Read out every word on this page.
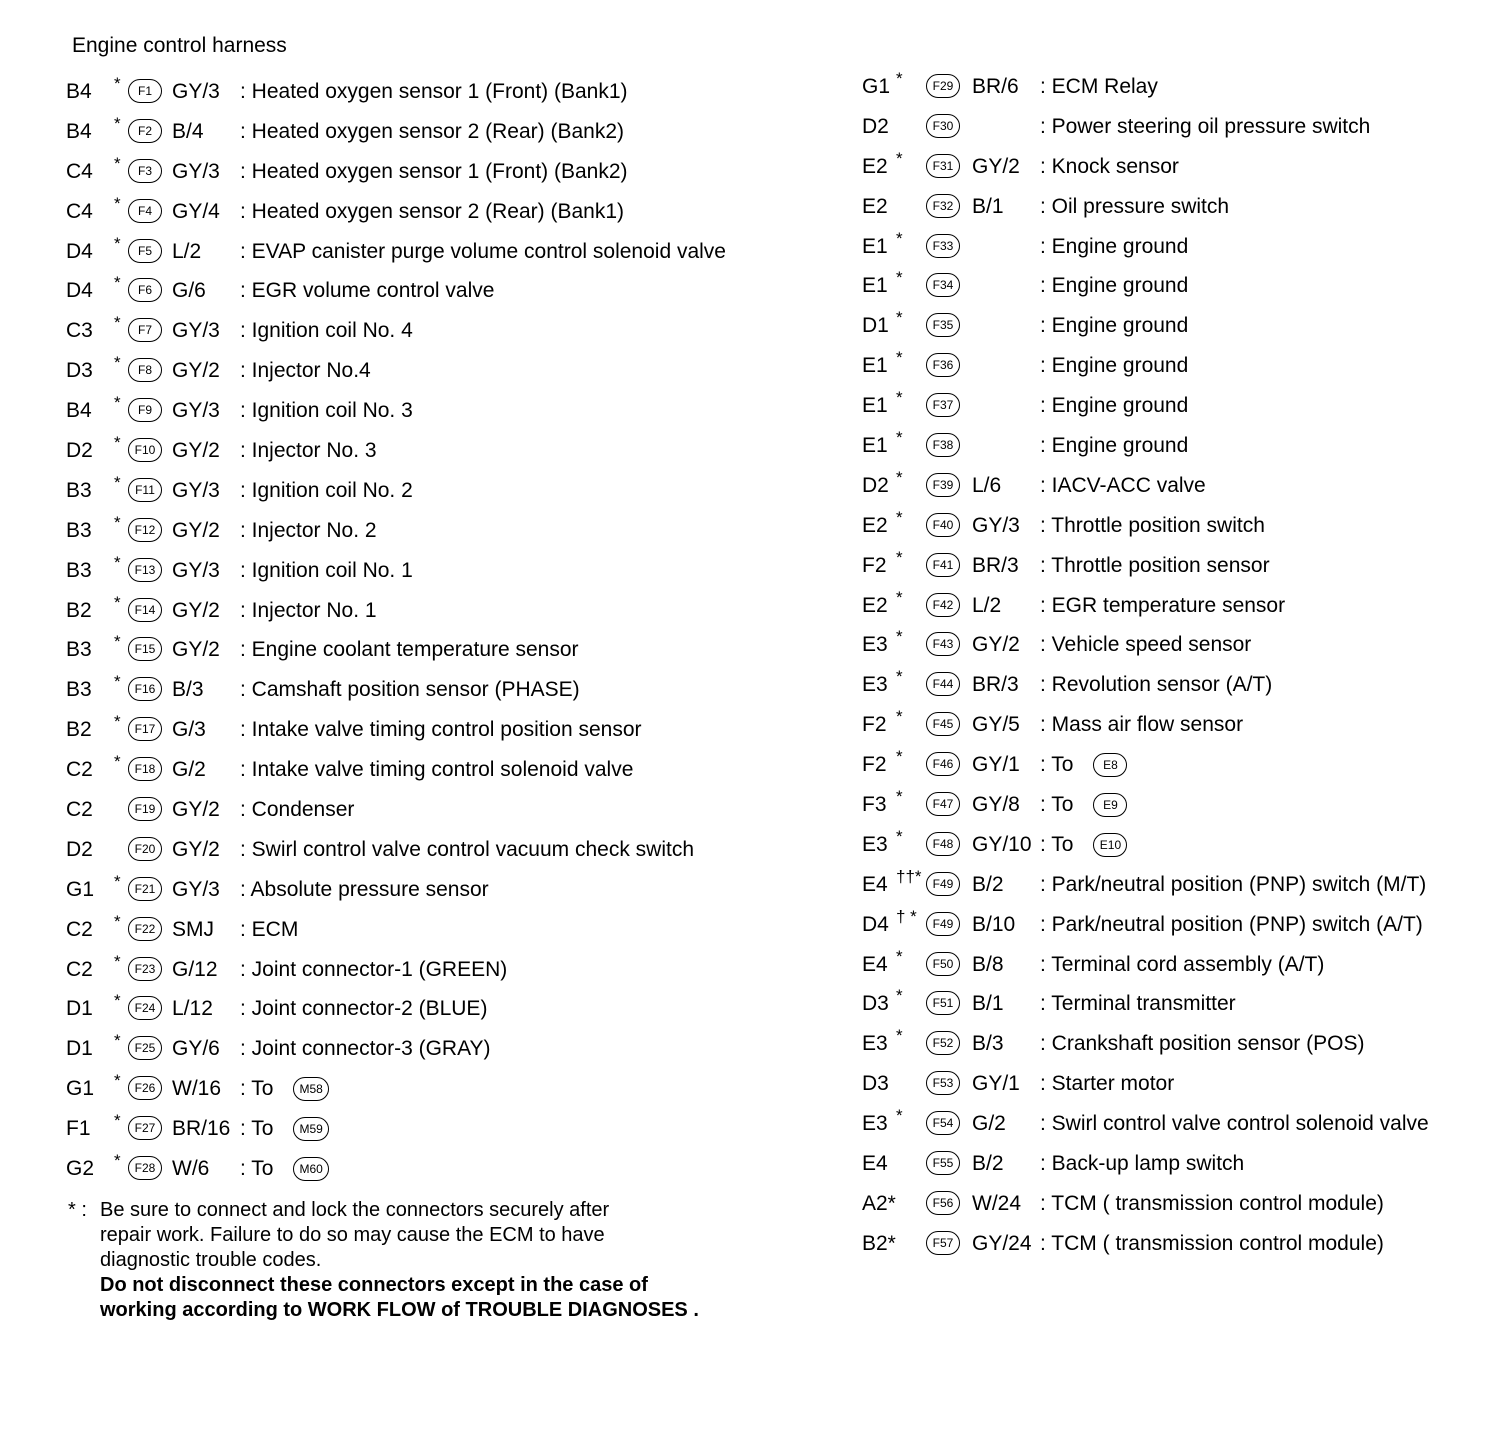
Engine control harness
B4 *	F1 GY/3 : Heated oxygen sensor 1 (Front) (Bank1)
B4 *	F2 B/4 : Heated oxygen sensor 2 (Rear) (Bank2)
C4 *	F3 GY/3 : Heated oxygen sensor 1 (Front) (Bank2)
C4 *	F4 GY/4 : Heated oxygen sensor 2 (Rear) (Bank1)
D4 *	F5 L/2 : EVAP canister purge volume control solenoid valve
D4 *	F6 G/6 : EGR volume control valve
C3 *	F7 GY/3 : Ignition coil No. 4
D3 *	F8 GY/2 : Injector No.4
B4 *	F9 GY/3 : Ignition coil No. 3
D2 *	F10 GY/2 : Injector No. 3
B3 *	F11 GY/3 : Ignition coil No. 2
B3 *	F12 GY/2 : Injector No. 2
B3 *	F13 GY/3 : Ignition coil No. 1
B2 *	F14 GY/2 : Injector No. 1
B3 *	F15 GY/2 : Engine coolant temperature sensor
B3 *	F16 B/3 : Camshaft position sensor (PHASE)
B2 *	F17 G/3 : Intake valve timing control position sensor
C2 *	F18 G/2 : Intake valve timing control solenoid valve
C2	F19 GY/2 : Condenser
D2	F20 GY/2 : Swirl control valve control vacuum check switch
G1 *	F21 GY/3 : Absolute pressure sensor
C2 *	F22 SMJ : ECM
C2 *	F23 G/12 : Joint connector-1 (GREEN)
D1 *	F24 L/12 : Joint connector-2 (BLUE)
D1 *	F25 GY/6 : Joint connector-3 (GRAY)
G1 *	F26 W/16 : To M58
F1 *	F27 BR/16 : To M59
G2 *	F28 W/6 : To M60
G1 *	F29 BR/6 : ECM Relay
D2	F30	: Power steering oil pressure switch
E2 *	F31 GY/2 : Knock sensor
E2	F32 B/1 : Oil pressure switch
E1 *	F33	: Engine ground
E1 *	F34	: Engine ground
D1 *	F35	: Engine ground
E1 *	F36	: Engine ground
E1 *	F37	: Engine ground
E1 *	F38	: Engine ground
D2 *	F39 L/6 : IACV-ACC valve
E2 *	F40 GY/3 : Throttle position switch
F2 *	F41 BR/3 : Throttle position sensor
E2 *	F42 L/2 : EGR temperature sensor
E3 *	F43 GY/2 : Vehicle speed sensor
E3 *	F44 BR/3 : Revolution sensor (A/T)
F2 *	F45 GY/5 : Mass air flow sensor
F2 *	F46 GY/1 : To E8
F3 *	F47 GY/8 : To E9
E3 *	F48 GY/10 : To E10
E4 ††* F49 B/2 : Park/neutral position (PNP) switch (M/T)
D4 † *	F49 B/10 : Park/neutral position (PNP) switch (A/T)
E4 *	F50 B/8 : Terminal cord assembly (A/T)
D3 *	F51 B/1 : Terminal transmitter
E3 *	F52 B/3 : Crankshaft position sensor (POS)
D3	F53 GY/1 : Starter motor
E3 *	F54 G/2 : Swirl control valve control solenoid valve
E4	F55 B/2 : Back-up lamp switch
A2*	F56 W/24 : TCM ( transmission control module)
B2*	F57 GY/24 : TCM ( transmission control module)
* : Be sure to connect and lock the connectors securely after
repair work. Failure to do so may cause the ECM to have
diagnostic trouble codes.
Do not disconnect these connectors except in the case of
working according to WORK FLOW of TROUBLE DIAGNOSES .
